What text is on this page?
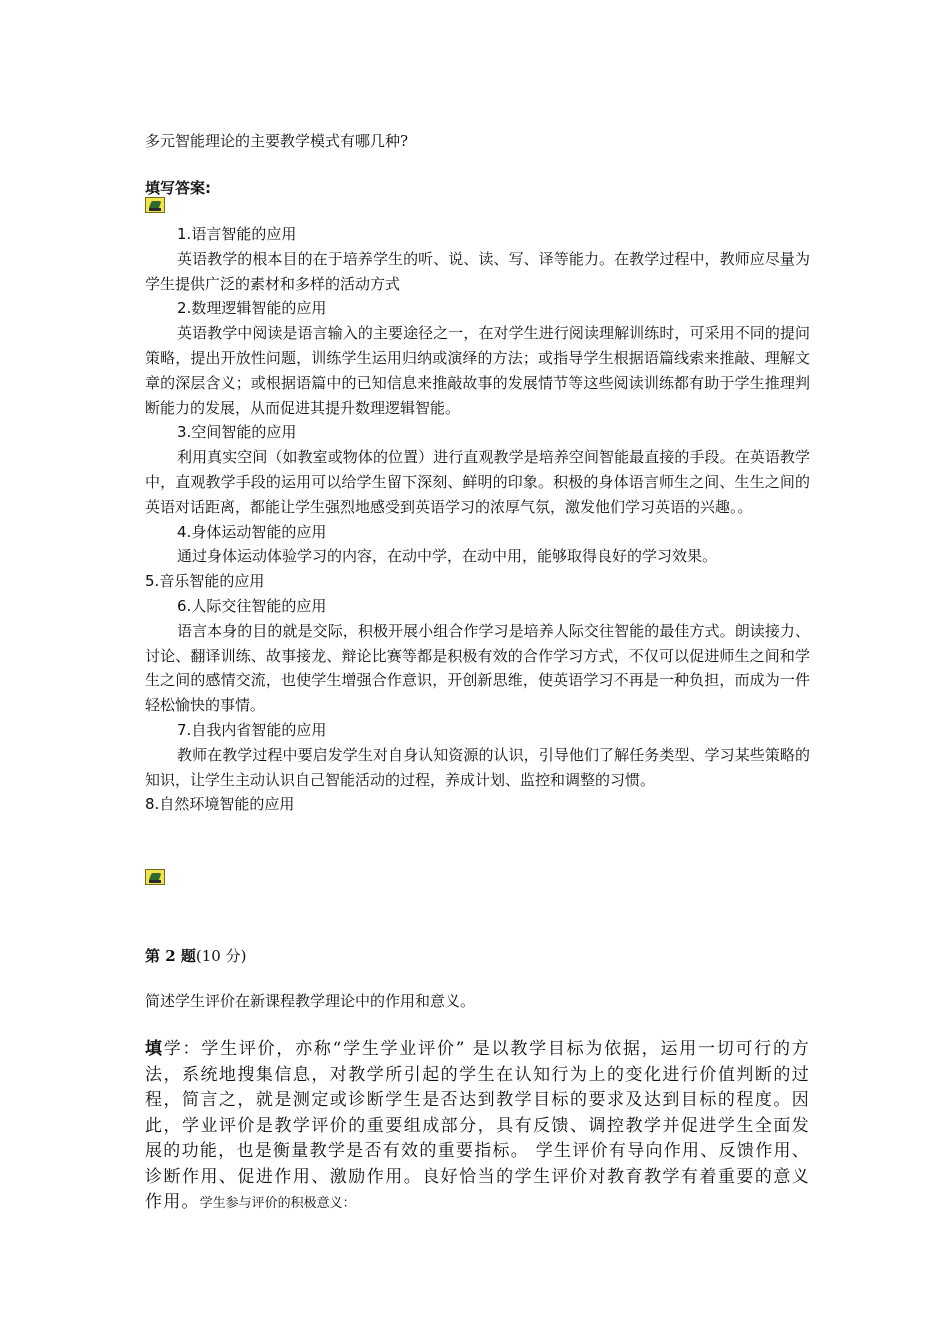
多元智能理论的主要教学模式有哪几种?
填写答案:

1.语言智能的应用

英语教学的根本目的在于培养学生的听、说、读、写、译等能力。在教学过程中，教师应尽量为学生提供广泛的素材和多样的活动方式

2.数理逻辑智能的应用

英语教学中阅读是语言输入的主要途径之一，在对学生进行阅读理解训练时，可采用不同的提问策略，提出开放性问题，训练学生运用归纳或演绎的方法；或指导学生根据语篇线索来推敲、理解文章的深层含义；或根据语篇中的已知信息来推敲故事的发展情节等这些阅读训练都有助于学生推理判断能力的发展，从而促进其提升数理逻辑智能。

3.空间智能的应用

利用真实空间（如教室或物体的位置）进行直观教学是培养空间智能最直接的手段。在英语教学中，直观教学手段的运用可以给学生留下深刻、鲜明的印象。积极的身体语言师生之间、生生之间的英语对话距离，都能让学生强烈地感受到英语学习的浓厚气氛，激发他们学习英语的兴趣。。

4.身体运动智能的应用

通过身体运动体验学习的内容，在动中学，在动中用，能够取得良好的学习效果。

5.音乐智能的应用

6.人际交往智能的应用

语言本身的目的就是交际，积极开展小组合作学习是培养人际交往智能的最佳方式。朗读接力、讨论、翻译训练、故事接龙、辩论比赛等都是积极有效的合作学习方式，不仅可以促进师生之间和学生之间的感情交流，也使学生增强合作意识，开创新思维，使英语学习不再是一种负担，而成为一件轻松愉快的事情。

7.自我内省智能的应用

教师在教学过程中要启发学生对自身认知资源的认识，引导他们了解任务类型、学习某些策略的知识，让学生主动认识自己智能活动的过程，养成计划、监控和调整的习惯。

8.自然环境智能的应用

第 2 题(10 分)
简述学生评价在新课程教学理论中的作用和意义。
填学：学生评价，亦称“学生学业评价” 是以教学目标为依据，运用一切可行的方法，系统地搜集信息，对教学所引起的学生在认知行为上的变化进行价值判断的过程，简言之，就是测定或诊断学生是否达到教学目标的要求及达到目标的程度。因此，学业评价是教学评价的重要组成部分，具有反馈、调控教学并促进学生全面发展的功能，也是衡量教学是否有效的重要指标。 学生评价有导向作用、反馈作用、诊断作用、促进作用、激励作用。良好恰当的学生评价对教育教学有着重要的意义 作用。学生参与评价的积极意义：
